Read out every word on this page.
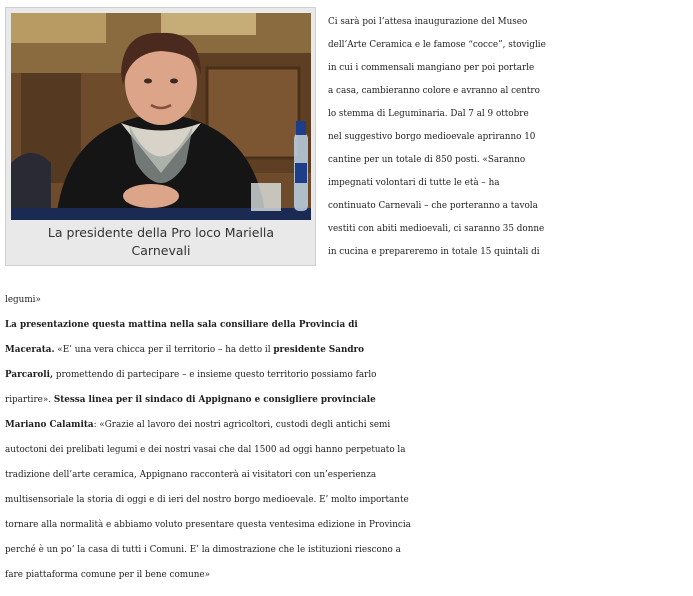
La presidente della Pro loco Mariella
Carnevali
Ci sarà poi l’attesa inaugurazione del Museo
dell’Arte Ceramica e le famose “cocce”, stoviglie
in cui i commensali mangiano per poi portarle
a casa, cambieranno colore e avranno al centro
lo stemma di Leguminaria. Dal 7 al 9 ottobre
nel suggestivo borgo medioevale apriranno 10
cantine per un totale di 850 posti. «Saranno
impegnati volontari di tutte le età – ha
continuato Carnevali – che porteranno a tavola
vestiti con abiti medioevali, ci saranno 35 donne
in cucina e prepareremo in totale 15 quintali di
legumi»
La presentazione questa mattina nella sala consiliare della Provincia di
Macerata. «E’ una vera chicca per il territorio – ha detto il presidente Sandro
Parcaroli, promettendo di partecipare – e insieme questo territorio possiamo farlo
ripartire». Stessa linea per il sindaco di Appignano e consigliere provinciale
Mariano Calamita: «Grazie al lavoro dei nostri agricoltori, custodi degli antichi semi
autoctoni dei prelibati legumi e dei nostri vasai che dal 1500 ad oggi hanno perpetuato la
tradizione dell’arte ceramica, Appignano racconterà ai visitatori con un’esperienza
multisensoriale la storia di oggi e di ieri del nostro borgo medioevale. E’ molto importante
tornare alla normalità e abbiamo voluto presentare questa ventesima edizione in Provincia
perché è un po’ la casa di tutti i Comuni. E’ la dimostrazione che le istituzioni riescono a
fare piattaforma comune per il bene comune»
